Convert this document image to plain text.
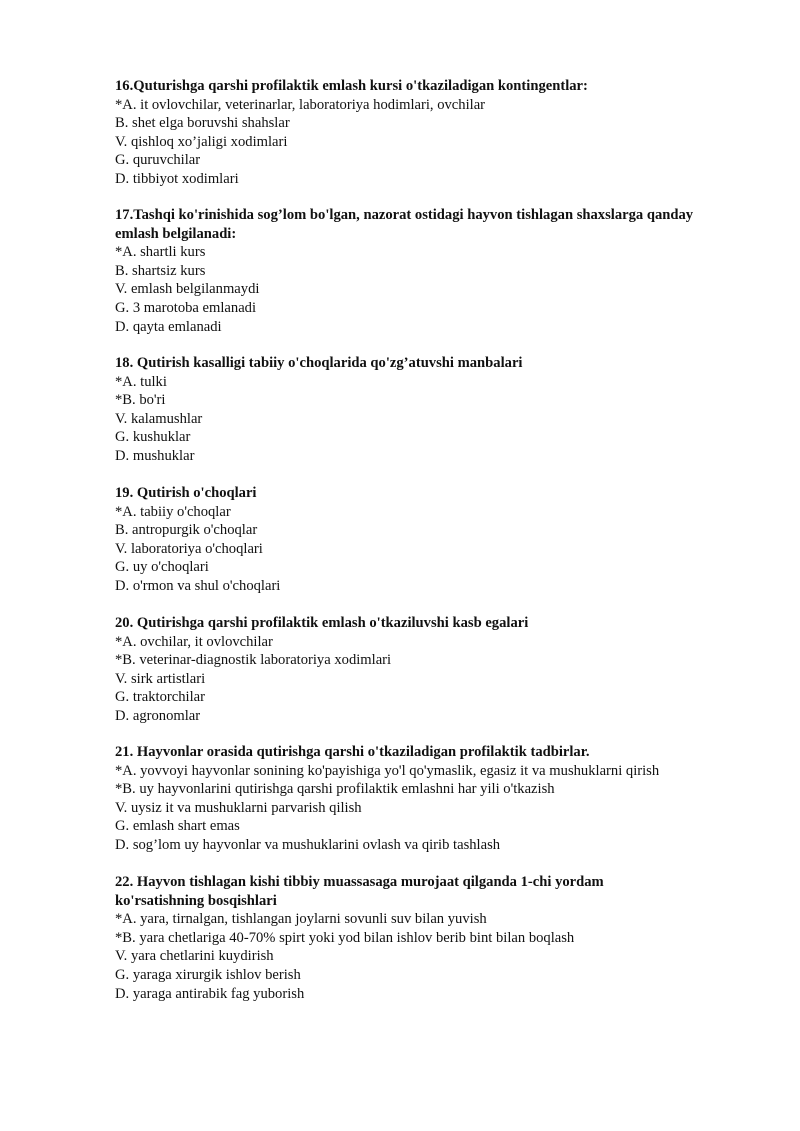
16.Quturishga qarshi profilaktik emlash kursi o'tkaziladigan kontingentlar:

*A. it ovlovchilar, veterinarlar, laboratoriya hodimlari, ovchilar
B. shet elga boruvshi shahslar
V. qishloq xo’jaligi xodimlari
G. quruvchilar
D. tibbiyot xodimlari

17.Tashqi ko'rinishida sog’lom bo'lgan, nazorat ostidagi hayvon tishlagan shaxslarga qanday emlash belgilanadi:

*A. shartli kurs
B. shartsiz kurs
V. emlash belgilanmaydi
G. 3 marotoba emlanadi
D. qayta emlanadi

18. Qutirish kasalligi tabiiy o'choqlarida qo'zg’atuvshi manbalari

*A. tulki
*B. bo'ri
V. kalamushlar
G. kushuklar
D. mushuklar

19. Qutirish o'choqlari

*A. tabiiy o'choqlar
B. antropurgik o'choqlar
V. laboratoriya o'choqlari
G. uy o'choqlari
D. o'rmon va shul o'choqlari

20. Qutirishga qarshi profilaktik emlash o'tkaziluvshi kasb egalari

*A. ovchilar, it ovlovchilar
*B. veterinar-diagnostik laboratoriya xodimlari
V. sirk artistlari
G. traktorchilar
D. agronomlar

21. Hayvonlar orasida qutirishga qarshi o'tkaziladigan profilaktik tadbirlar.

*A. yovvoyi hayvonlar sonining ko'payishiga yo'l qo'ymaslik, egasiz it va mushuklarni qirish
*B. uy hayvonlarini qutirishga qarshi profilaktik emlashni har yili o'tkazish
V. uysiz it va mushuklarni parvarish qilish
G. emlash shart emas
D. sog’lom uy hayvonlar va mushuklarini ovlash va qirib tashlash

22. Hayvon tishlagan kishi tibbiy muassasaga murojaat qilganda 1-chi yordam ko'rsatishning bosqishlari

*A. yara, tirnalgan, tishlangan joylarni sovunli suv bilan yuvish
*B. yara chetlariga 40-70% spirt yoki yod bilan ishlov berib bint bilan boqlash
V. yara chetlarini kuydirish
G. yaraga xirurgik ishlov berish
D. yaraga antirabik fag yuborish
